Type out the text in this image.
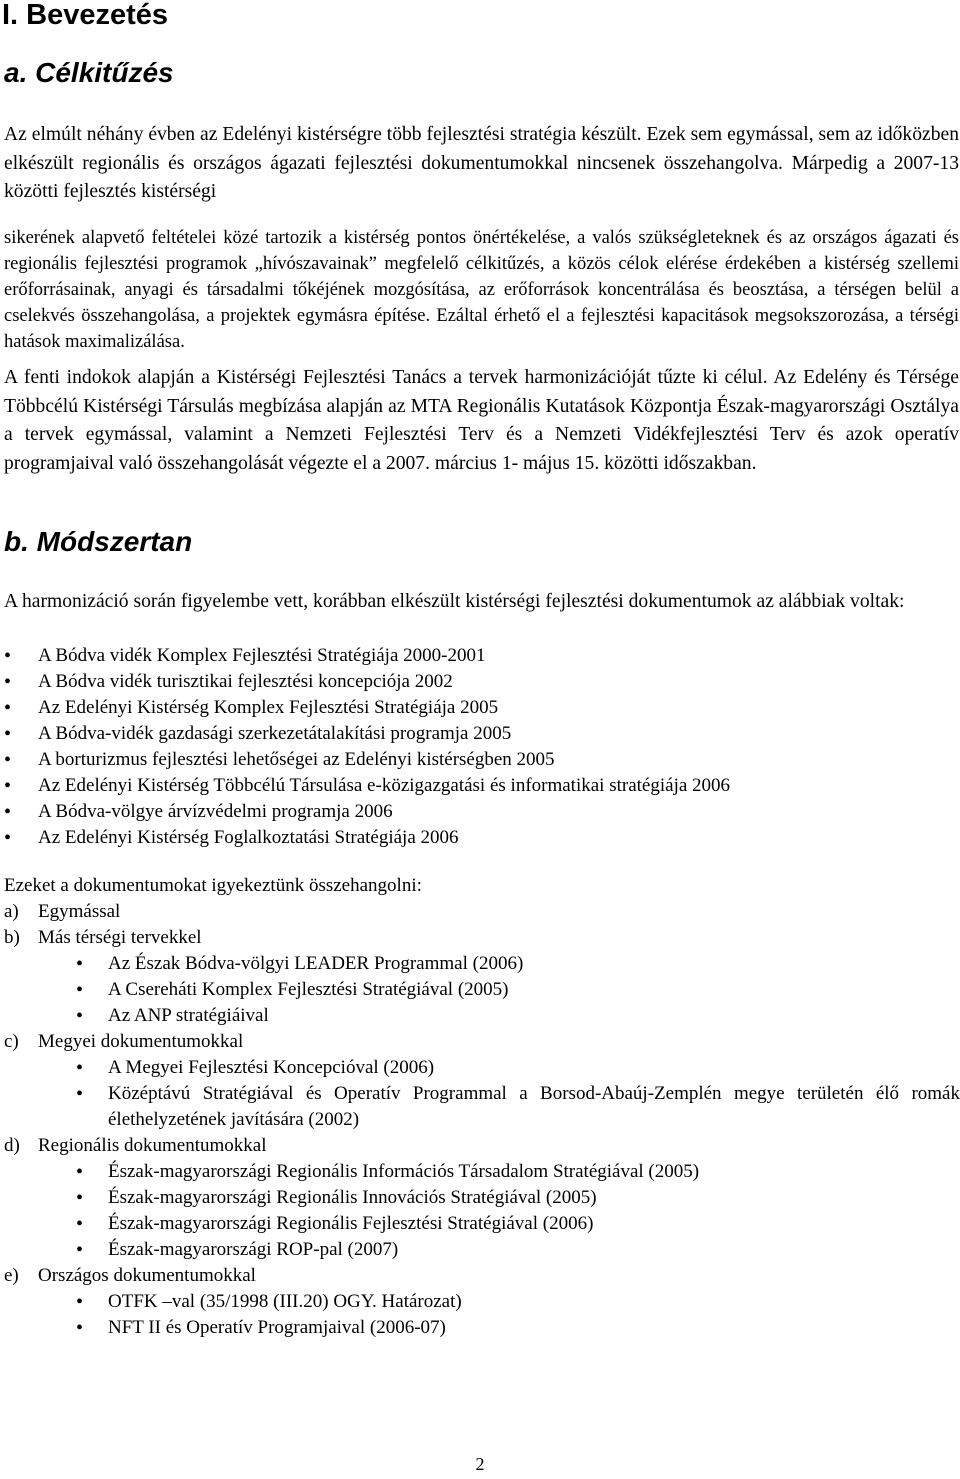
I. Bevezetés
a. Célkitűzés

Az elmúlt néhány évben az Edelényi kistérségre több fejlesztési stratégia készült. Ezek sem egymással, sem az időközben elkészült regionális és országos ágazati fejlesztési dokumentumokkal nincsenek összehangolva. Márpedig a 2007-13 közötti fejlesztés kistérségi

sikerének alapvető feltételei közé tartozik a kistérség pontos önértékelése, a valós szükségleteknek és az országos ágazati és regionális fejlesztési programok „hívószavainak” megfelelő célkitűzés, a közös célok elérése érdekében a kistérség szellemi erőforrásainak, anyagi és társadalmi tőkéjének mozgósítása, az erőforrások koncentrálása és beosztása, a térségen belül a cselekvés összehangolása, a projektek egymásra építése. Ezáltal érhető el a fejlesztési kapacitások megsokszorozása, a térségi hatások maximalizálása.

A fenti indokok alapján a Kistérségi Fejlesztési Tanács a tervek harmonizációját tűzte ki célul. Az Edelény és Térsége Többcélú Kistérségi Társulás megbízása alapján az MTA Regionális Kutatások Központja Észak-magyarországi Osztálya a tervek egymással, valamint a Nemzeti Fejlesztési Terv és a Nemzeti Vidékfejlesztési Terv és azok operatív programjaival való összehangolását végezte el a 2007. március 1- május 15. közötti időszakban.

b. Módszertan

A harmonizáció során figyelembe vett, korábban elkészült kistérségi fejlesztési dokumentumok az alábbiak voltak:

• A Bódva vidék Komplex Fejlesztési Stratégiája 2000-2001
• A Bódva vidék turisztikai fejlesztési koncepciója 2002
• Az Edelényi Kistérség Komplex Fejlesztési Stratégiája 2005
• A Bódva-vidék gazdasági szerkezetátalakítási programja 2005
• A borturizmus fejlesztési lehetőségei az Edelényi kistérségben 2005
• Az Edelényi Kistérség Többcélú Társulása e-közigazgatási és informatikai stratégiája 2006
• A Bódva-völgye árvízvédelmi programja 2006
• Az Edelényi Kistérség Foglalkoztatási Stratégiája 2006

Ezeket a dokumentumokat igyekeztünk összehangolni:

a) Egymással
b) Más térségi tervekkel
• Az Észak Bódva-völgyi LEADER Programmal (2006)
• A Csereháti Komplex Fejlesztési Stratégiával (2005)
• Az ANP stratégiáival
c) Megyei dokumentumokkal
• A Megyei Fejlesztési Koncepcióval (2006)
• Középtávú Stratégiával és Operatív Programmal a Borsod-Abaúj-Zemplén megye területén élő romák élethelyzetének javítására (2002)
d) Regionális dokumentumokkal
• Észak-magyarországi Regionális Információs Társadalom Stratégiával (2005)
• Észak-magyarországi Regionális Innovációs Stratégiával (2005)
• Észak-magyarországi Regionális Fejlesztési Stratégiával (2006)
• Észak-magyarországi ROP-pal (2007)
e) Országos dokumentumokkal
• OTFK –val (35/1998 (III.20) OGY. Határozat)
• NFT II és Operatív Programjaival (2006-07)
2
